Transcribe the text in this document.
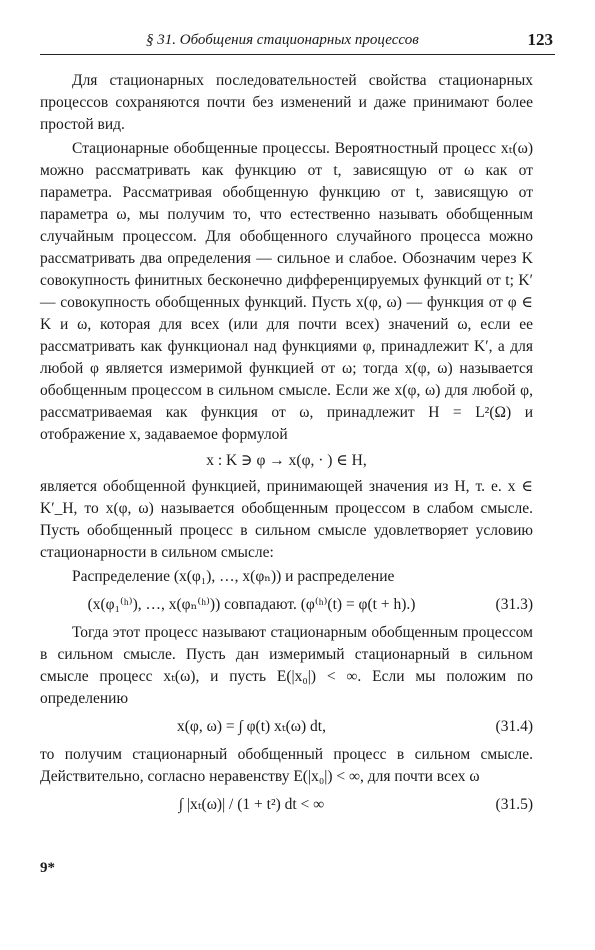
§ 31. Обобщения стационарных процессов	123

Для стационарных последовательностей свойства стационарных процессов сохраняются почти без изменений и даже принимают более простой вид.

Стационарные обобщенные процессы. Вероятностный процесс xₜ(ω) можно рассматривать как функцию от t, зависящую от ω как от параметра. Рассматривая обобщенную функцию от t, зависящую от параметра ω, мы получим то, что естественно называть обобщенным случайным процессом. Для обобщенного случайного процесса можно рассматривать два определения — сильное и слабое. Обозначим через K совокупность финитных бесконечно дифференцируемых функций от t; K′ — совокупность обобщенных функций. Пусть x(φ, ω) — функция от φ ∈ K и ω, которая для всех (или для почти всех) значений ω, если ее рассматривать как функционал над функциями φ, принадлежит K′, а для любой φ является измеримой функцией от ω; тогда x(φ, ω) называется обобщенным процессом в сильном смысле. Если же x(φ, ω) для любой φ, рассматриваемая как функция от ω, принадлежит H = L²(Ω) и отображение x, задаваемое формулой

x : K ∋ φ → x(φ, · ) ∈ H,

является обобщенной функцией, принимающей значения из H, т. е. x ∈ K′_H, то x(φ, ω) называется обобщенным процессом в слабом смысле. Пусть обобщенный процесс в сильном смысле удовлетворяет условию стационарности в сильном смысле:

Распределение (x(φ₁), …, x(φₙ)) и распределение

(x(φ₁⁽ʰ⁾), …, x(φₙ⁽ʰ⁾)) совпадают. (φ⁽ʰ⁾(t) = φ(t + h).)	(31.3)

Тогда этот процесс называют стационарным обобщенным процессом в сильном смысле. Пусть дан измеримый стационарный в сильном смысле процесс xₜ(ω), и пусть E(|x₀|) < ∞. Если мы положим по определению

x(φ, ω) = ∫ φ(t) xₜ(ω) dt,	(31.4)

то получим стационарный обобщенный процесс в сильном смысле. Действительно, согласно неравенству E(|x₀|) < ∞, для почти всех ω

∫ |xₜ(ω)| / (1 + t²) dt < ∞	(31.5)
9*
